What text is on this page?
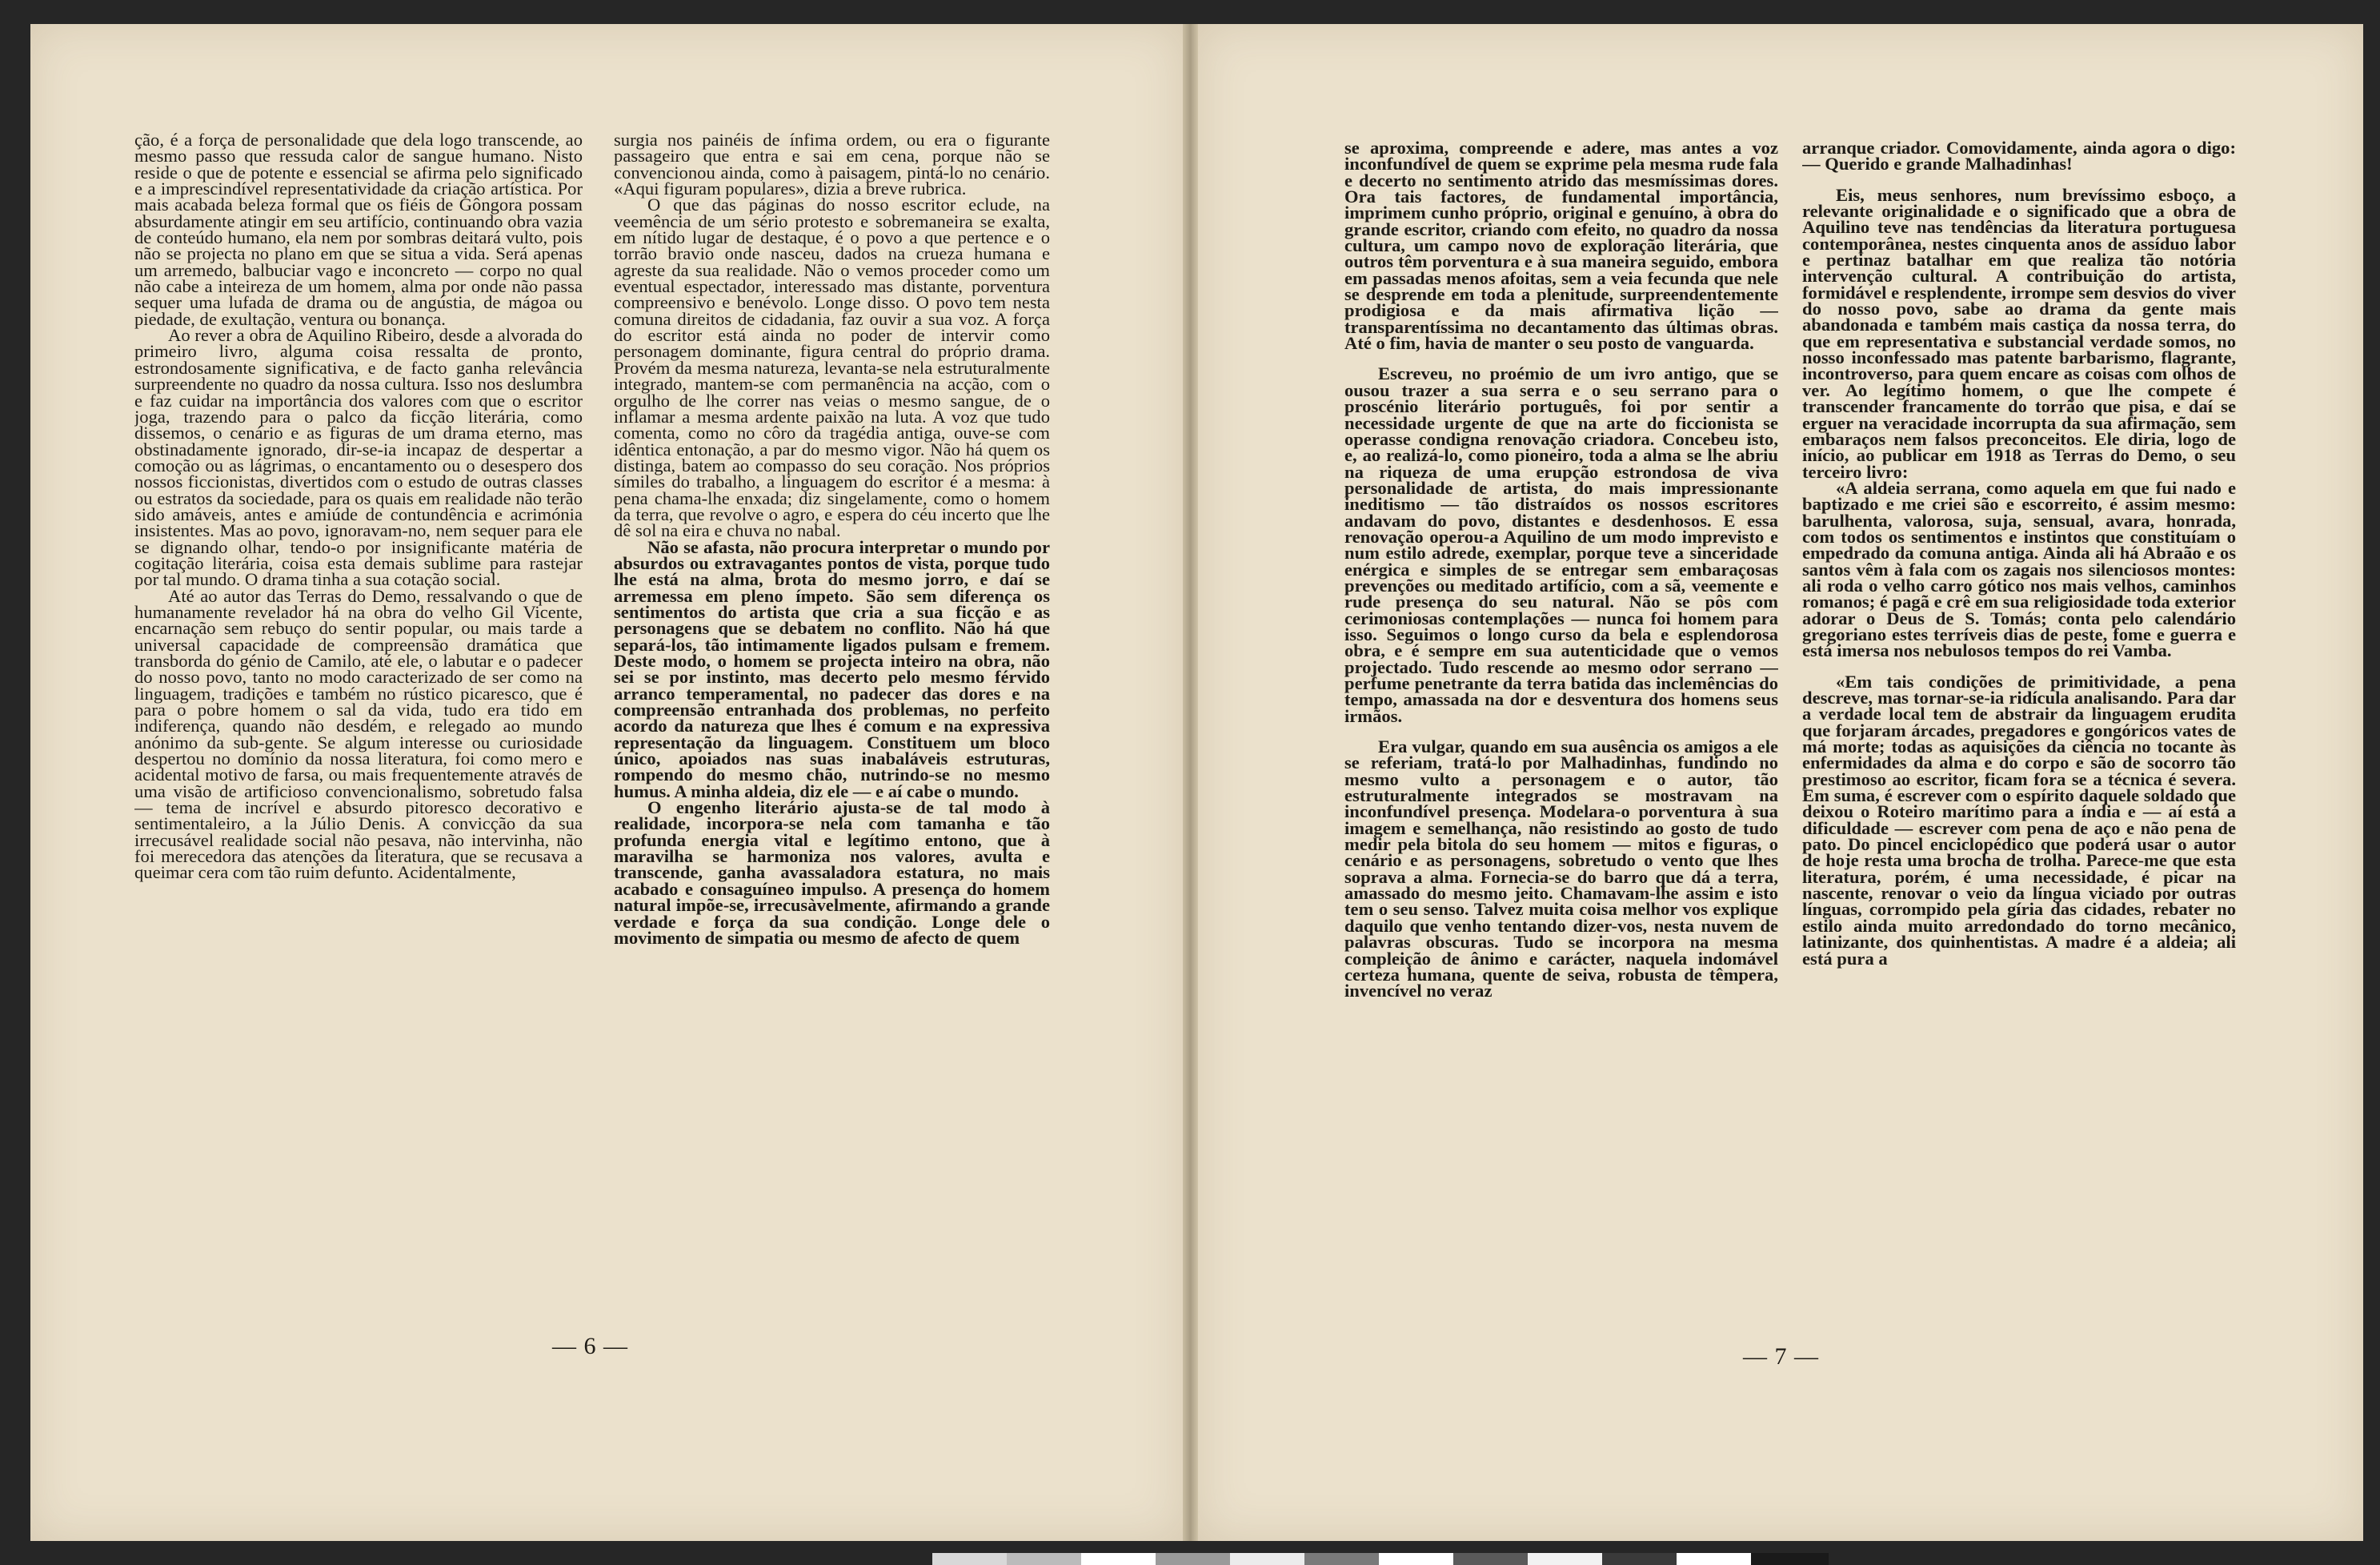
ção, é a força de personalidade que dela logo transcende, ao mesmo passo que ressuda calor de sangue humano. Nisto reside o que de potente e essencial se afirma pelo significado e a imprescindível representatividade da criação artística. Por mais acabada beleza formal que os fiéis de Gôngora possam absurdamente atingir em seu artifício, continuando obra vazia de conteúdo humano, ela nem por sombras deitará vulto, pois não se projecta no plano em que se situa a vida. Será apenas um arremedo, balbuciar vago e inconcreto — corpo no qual não cabe a inteireza de um homem, alma por onde não passa sequer uma lufada de drama ou de angústia, de mágoa ou piedade, de exultação, ventura ou bonança.

Ao rever a obra de Aquilino Ribeiro, desde a alvorada do primeiro livro, alguma coisa ressalta de pronto, estrondosamente significativa, e de facto ganha relevância surpreendente no quadro da nossa cultura. Isso nos deslumbra e faz cuidar na importância dos valores com que o escritor joga, trazendo para o palco da ficção literária, como dissemos, o cenário e as figuras de um drama eterno, mas obstinadamente ignorado, dir-se-ia incapaz de despertar a comoção ou as lágrimas, o encantamento ou o desespero dos nossos ficcionistas, divertidos com o estudo de outras classes ou estratos da sociedade, para os quais em realidade não terão sido amáveis, antes e amiúde de contundência e acrimónia insistentes. Mas ao povo, ignoravam-no, nem sequer para ele se dignando olhar, tendo-o por insignificante matéria de cogitação literária, coisa esta demais sublime para rastejar por tal mundo. O drama tinha a sua cotação social.

Até ao autor das Terras do Demo, ressalvando o que de humanamente revelador há na obra do velho Gil Vicente, encarnação sem rebuço do sentir popular, ou mais tarde a universal capacidade de compreensão dramática que transborda do génio de Camilo, até ele, o labutar e o padecer do nosso povo, tanto no modo caracterizado de ser como na linguagem, tradições e também no rústico picaresco, que é para o pobre homem o sal da vida, tudo era tido em indiferença, quando não desdém, e relegado ao mundo anónimo da sub-gente. Se algum interesse ou curiosidade despertou no domínio da nossa literatura, foi como mero e acidental motivo de farsa, ou mais frequentemente através de uma visão de artificioso convencionalismo, sobretudo falsa — tema de incrível e absurdo pitoresco decorativo e sentimentaleiro, a la Júlio Denis. A convicção da sua irrecusável realidade social não pesava, não intervinha, não foi merecedora das atenções da literatura, que se recusava a queimar cera com tão ruim defunto. Acidentalmente,

surgia nos painéis de ínfima ordem, ou era o figurante passageiro que entra e sai em cena, porque não se convencionou ainda, como à paisagem, pintá-lo no cenário. «Aqui figuram populares», dizia a breve rubrica.

O que das páginas do nosso escritor eclude, na veemência de um sério protesto e sobremaneira se exalta, em nítido lugar de destaque, é o povo a que pertence e o torrão bravio onde nasceu, dados na crueza humana e agreste da sua realidade. Não o vemos proceder como um eventual espectador, interessado mas distante, porventura compreensivo e benévolo. Longe disso. O povo tem nesta comuna direitos de cidadania, faz ouvir a sua voz. A força do escritor está ainda no poder de intervir como personagem dominante, figura central do próprio drama. Provém da mesma natureza, levanta-se nela estruturalmente integrado, mantem-se com permanência na acção, com o orgulho de lhe correr nas veias o mesmo sangue, de o inflamar a mesma ardente paixão na luta. A voz que tudo comenta, como no côro da tragédia antiga, ouve-se com idêntica entonação, a par do mesmo vigor. Não há quem os distinga, batem ao compasso do seu coração. Nos próprios símiles do trabalho, a linguagem do escritor é a mesma: à pena chama-lhe enxada; diz singelamente, como o homem da terra, que revolve o agro, e espera do céu incerto que lhe dê sol na eira e chuva no nabal.

Não se afasta, não procura interpretar o mundo por absurdos ou extravagantes pontos de vista, porque tudo lhe está na alma, brota do mesmo jorro, e daí se arremessa em pleno ímpeto. São sem diferença os sentimentos do artista que cria a sua ficção e as personagens que se debatem no conflito. Não há que separá-los, tão intimamente ligados pulsam e fremem. Deste modo, o homem se projecta inteiro na obra, não sei se por instinto, mas decerto pelo mesmo férvido arranco temperamental, no padecer das dores e na compreensão entranhada dos problemas, no perfeito acordo da natureza que lhes é comum e na expressiva representação da linguagem. Constituem um bloco único, apoiados nas suas inabaláveis estruturas, rompendo do mesmo chão, nutrindo-se no mesmo humus. A minha aldeia, diz ele — e aí cabe o mundo.

O engenho literário ajusta-se de tal modo à realidade, incorpora-se nela com tamanha e tão profunda energia vital e legítimo entono, que à maravilha se harmoniza nos valores, avulta e transcende, ganha avassaladora estatura, no mais acabado e consaguíneo impulso. A presença do homem natural impõe-se, irrecusàvelmente, afirmando a grande verdade e força da sua condição. Longe dele o movimento de simpatia ou mesmo de afecto de quem

se aproxima, compreende e adere, mas antes a voz inconfundível de quem se exprime pela mesma rude fala e decerto no sentimento atrido das mesmíssimas dores. Ora tais factores, de fundamental importância, imprimem cunho próprio, original e genuíno, à obra do grande escritor, criando com efeito, no quadro da nossa cultura, um campo novo de exploração literária, que outros têm porventura e à sua maneira seguido, embora em passadas menos afoitas, sem a veia fecunda que nele se desprende em toda a plenitude, surpreendentemente prodigiosa e da mais afirmativa lição — transparentíssima no decantamento das últimas obras. Até o fim, havia de manter o seu posto de vanguarda.

Escreveu, no proémio de um ivro antigo, que se ousou trazer a sua serra e o seu serrano para o proscénio literário português, foi por sentir a necessidade urgente de que na arte do ficcionista se operasse condigna renovação criadora. Concebeu isto, e, ao realizá-lo, como pioneiro, toda a alma se lhe abriu na riqueza de uma erupção estrondosa de viva personalidade de artista, do mais impressionante ineditismo — tão distraídos os nossos escritores andavam do povo, distantes e desdenhosos. E essa renovação operou-a Aquilino de um modo imprevisto e num estilo adrede, exemplar, porque teve a sinceridade enérgica e simples de se entregar sem embaraçosas prevenções ou meditado artifício, com a sã, veemente e rude presença do seu natural. Não se pôs com cerimoniosas contemplações — nunca foi homem para isso. Seguimos o longo curso da bela e esplendorosa obra, e é sempre em sua autenticidade que o vemos projectado. Tudo rescende ao mesmo odor serrano — perfume penetrante da terra batida das inclemências do tempo, amassada na dor e desventura dos homens seus irmãos.

Era vulgar, quando em sua ausência os amigos a ele se referiam, tratá-lo por Malhadinhas, fundindo no mesmo vulto a personagem e o autor, tão estruturalmente integrados se mostravam na inconfundível presença. Modelara-o porventura à sua imagem e semelhança, não resistindo ao gosto de tudo medir pela bitola do seu homem — mitos e figuras, o cenário e as personagens, sobretudo o vento que lhes soprava a alma. Fornecia-se do barro que dá a terra, amassado do mesmo jeito. Chamavam-lhe assim e isto tem o seu senso. Talvez muita coisa melhor vos explique daquilo que venho tentando dizer-vos, nesta nuvem de palavras obscuras. Tudo se incorpora na mesma compleição de ânimo e carácter, naquela indomável certeza humana, quente de seiva, robusta de têmpera, invencível no veraz

arranque criador. Comovidamente, ainda agora o digo: — Querido e grande Malhadinhas!

Eis, meus senhores, num brevíssimo esboço, a relevante originalidade e o significado que a obra de Aquilino teve nas tendências da literatura portuguesa contemporânea, nestes cinquenta anos de assíduo labor e pertinaz batalhar em que realiza tão notória intervenção cultural. A contribuição do artista, formidável e resplendente, irrompe sem desvios do viver do nosso povo, sabe ao drama da gente mais abandonada e também mais castiça da nossa terra, do que em representativa e substancial verdade somos, no nosso inconfessado mas patente barbarismo, flagrante, incontroverso, para quem encare as coisas com olhos de ver. Ao legítimo homem, o que lhe compete é transcender francamente do torrão que pisa, e daí se erguer na veracidade incorrupta da sua afirmação, sem embaraços nem falsos preconceitos. Ele diria, logo de início, ao publicar em 1918 as Terras do Demo, o seu terceiro livro:

«A aldeia serrana, como aquela em que fui nado e baptizado e me criei são e escorreito, é assim mesmo: barulhenta, valorosa, suja, sensual, avara, honrada, com todos os sentimentos e instintos que constituíam o empedrado da comuna antiga. Ainda ali há Abraão e os santos vêm à fala com os zagais nos silenciosos montes: ali roda o velho carro gótico nos mais velhos, caminhos romanos; é pagã e crê em sua religiosidade toda exterior adorar o Deus de S. Tomás; conta pelo calendário gregoriano estes terríveis dias de peste, fome e guerra e está imersa nos nebulosos tempos do rei Vamba.

«Em tais condições de primitividade, a pena descreve, mas tornar-se-ia ridícula analisando. Para dar a verdade local tem de abstrair da linguagem erudita que forjaram árcades, pregadores e gongóricos vates de má morte; todas as aquisições da ciência no tocante às enfermidades da alma e do corpo e são de socorro tão prestimoso ao escritor, ficam fora se a técnica é severa. Em suma, é escrever com o espírito daquele soldado que deixou o Roteiro marítimo para a índia e — aí está a dificuldade — escrever com pena de aço e não pena de pato. Do pincel enciclopédico que poderá usar o autor de hoje resta uma brocha de trolha. Parece-me que esta literatura, porém, é uma necessidade, é picar na nascente, renovar o veio da língua viciado por outras línguas, corrompido pela gíria das cidades, rebater no estilo ainda muito arredondado do torno mecânico, latinizante, dos quinhentistas. A madre é a aldeia; ali está pura a

— 6 —	— 7 —
